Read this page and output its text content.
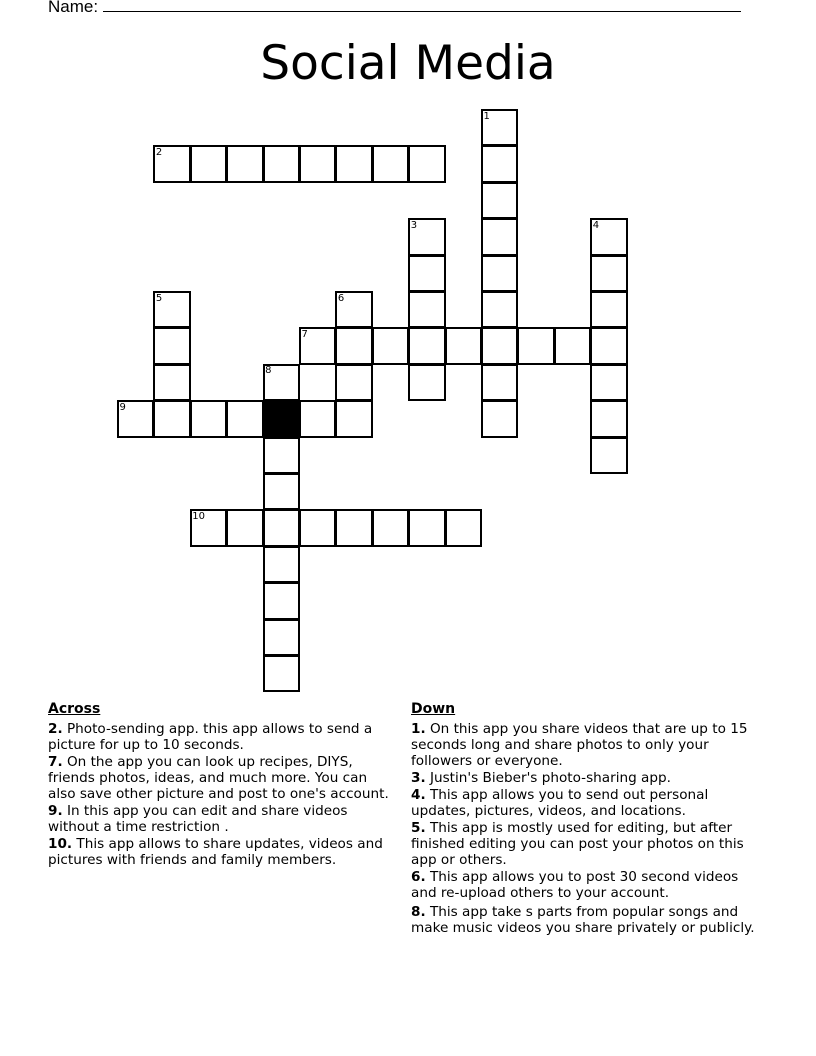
Name:
Social Media
1
2
3	4
5	6
7
8
9
10
Across
2. Photo-sending app. this app allows to send a picture for up to 10 seconds.
7. On the app you can look up recipes, DIYS, friends photos, ideas, and much more. You can also save other picture and post to one's account.
9. In this app you can edit and share videos without a time restriction .
10. This app allows to share updates, videos and pictures with friends and family members.
Down
1. On this app you share videos that are up to 15 seconds long and share photos to only your followers or everyone.
3. Justin's Bieber's photo-sharing app.
4. This app allows you to send out personal updates, pictures, videos, and locations.
5. This app is mostly used for editing, but after finished editing you can post your photos on this app or others.
6. This app allows you to post 30 second videos and re-upload others to your account.
8. This app take s parts from popular songs and make music videos you share privately or publicly.
